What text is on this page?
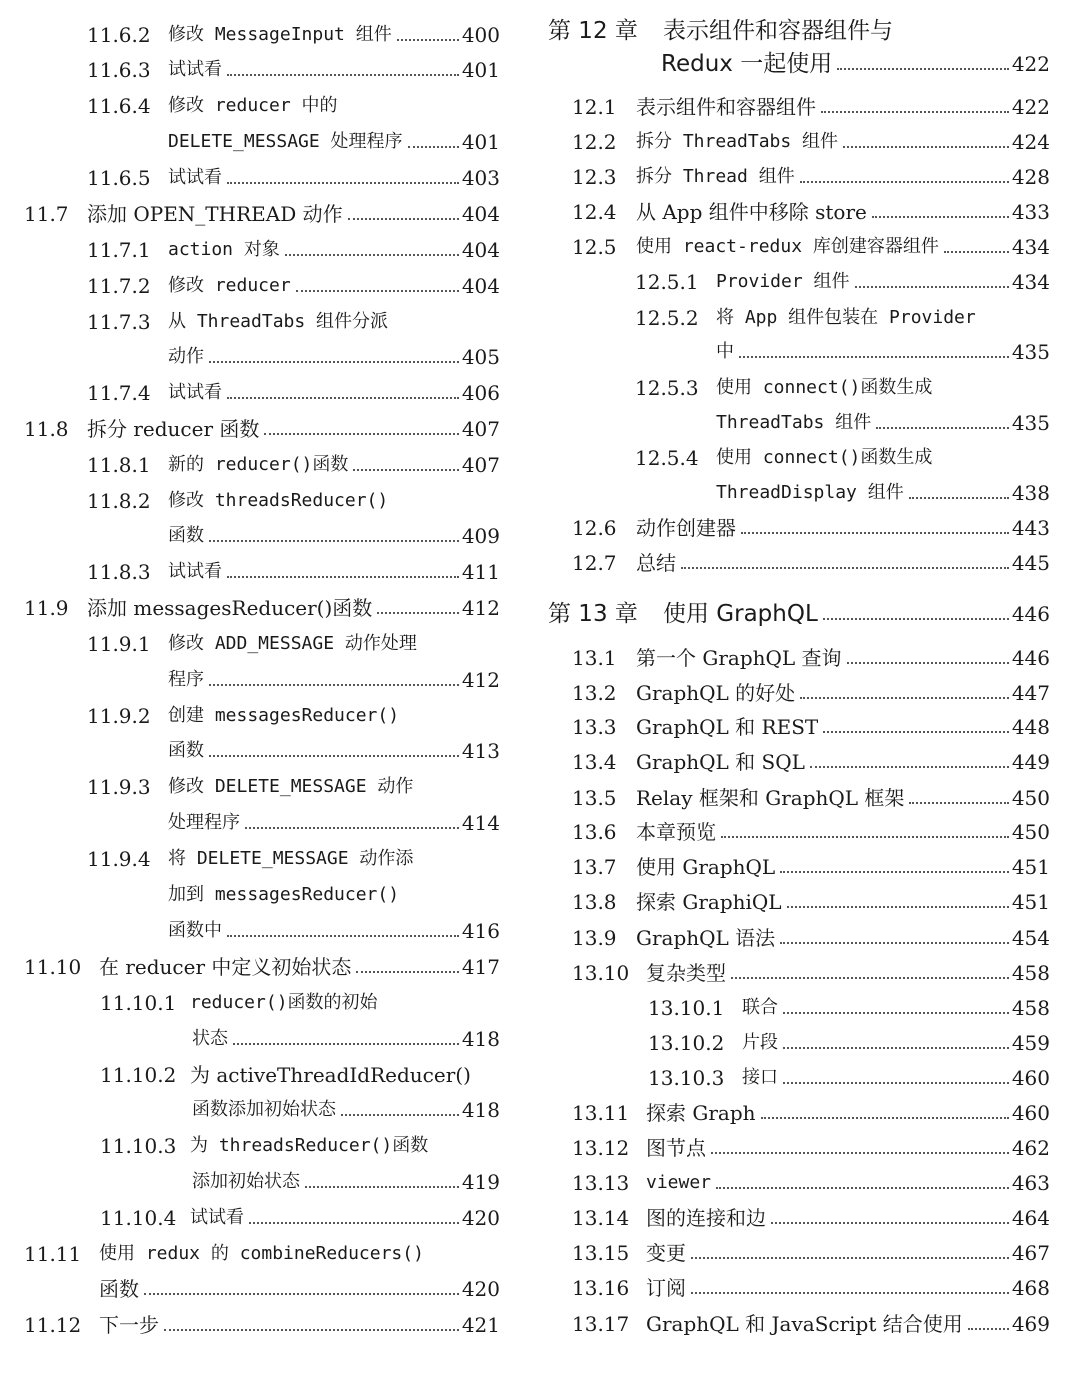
11.6.2 修改 MessageInput 组件	400
11.6.3 试试看	401
11.6.4 修改 reducer 中的
DELETE_MESSAGE 处理程序	401
11.6.5 试试看	403
11.7 添加 OPEN_THREAD 动作	404
11.7.1 action 对象	404
11.7.2 修改 reducer	404
11.7.3 从 ThreadTabs 组件分派
动作	405
11.7.4 试试看	406
11.8 拆分 reducer 函数	407
11.8.1 新的 reducer()函数	407
11.8.2 修改 threadsReducer()
函数	409
11.8.3 试试看	411
11.9 添加 messagesReducer()函数	412
11.9.1 修改 ADD_MESSAGE 动作处理
程序	412
11.9.2 创建 messagesReducer()
函数	413
11.9.3 修改 DELETE_MESSAGE 动作
处理程序	414
11.9.4 将 DELETE_MESSAGE 动作添
加到 messagesReducer()
函数中	416
11.10 在 reducer 中定义初始状态	417
11.10.1 reducer()函数的初始
状态	418
11.10.2 为 activeThreadIdReducer()
函数添加初始状态	418
11.10.3 为 threadsReducer()函数
添加初始状态	419
11.10.4 试试看	420
11.11 使用 redux 的 combineReducers()
函数	420
11.12 下一步	421
第 12 章 表示组件和容器组件与
Redux 一起使用	422
12.1 表示组件和容器组件	422
12.2 拆分 ThreadTabs 组件	424
12.3 拆分 Thread 组件	428
12.4 从 App 组件中移除 store	433
12.5 使用 react-redux 库创建容器组件	434
12.5.1 Provider 组件	434
12.5.2 将 App 组件包装在 Provider
中	435
12.5.3 使用 connect()函数生成
ThreadTabs 组件	435
12.5.4 使用 connect()函数生成
ThreadDisplay 组件	438
12.6 动作创建器	443
12.7 总结	445
第 13 章 使用 GraphQL	446
13.1 第一个 GraphQL 查询	446
13.2 GraphQL 的好处	447
13.3 GraphQL 和 REST	448
13.4 GraphQL 和 SQL	449
13.5 Relay 框架和 GraphQL 框架	450
13.6 本章预览	450
13.7 使用 GraphQL	451
13.8 探索 GraphiQL	451
13.9 GraphQL 语法	454
13.10 复杂类型	458
13.10.1 联合	458
13.10.2 片段	459
13.10.3 接口	460
13.11 探索 Graph	460
13.12 图节点	462
13.13 viewer	463
13.14 图的连接和边	464
13.15 变更	467
13.16 订阅	468
13.17 GraphQL 和 JavaScript 结合使用 469
